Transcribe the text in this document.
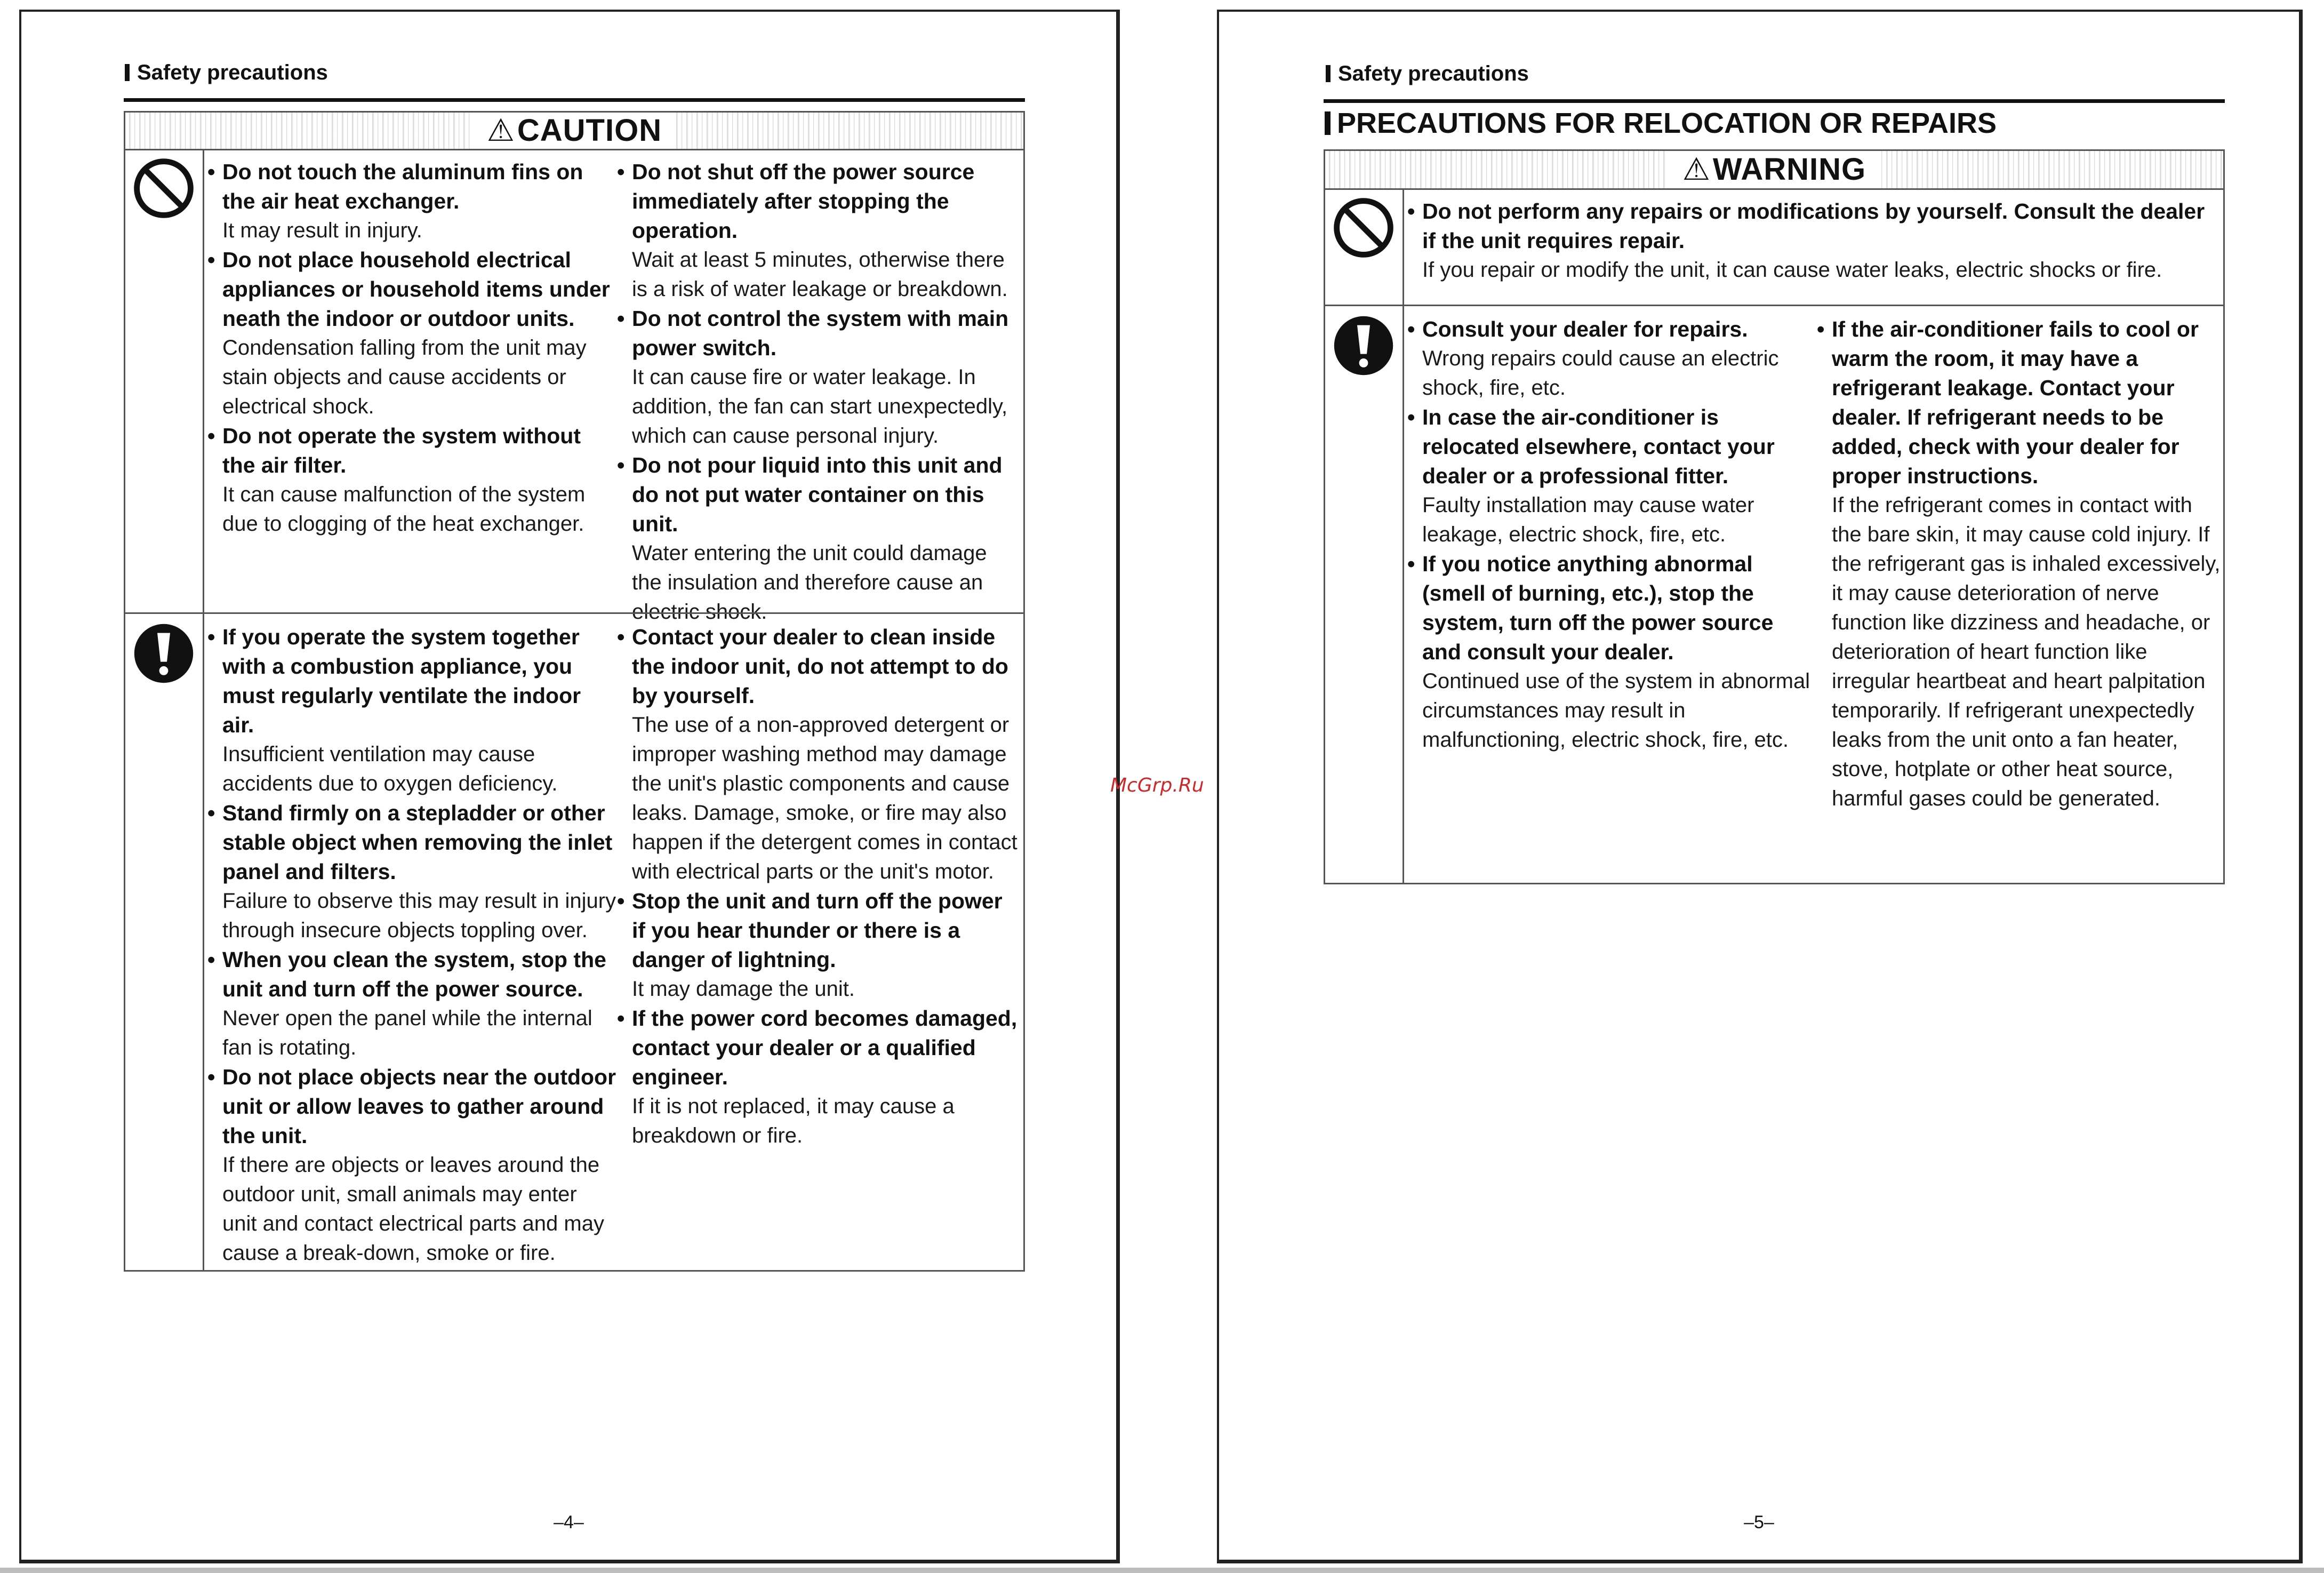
Safety precautions
⚠CAUTION
• Do not touch the aluminum fins on the air heat exchanger.
It may result in injury.
• Do not place household electrical appliances or household items under neath the indoor or outdoor units.
Condensation falling from the unit may stain objects and cause accidents or electrical shock.
• Do not operate the system without the air filter.
It can cause malfunction of the system due to clogging of the heat exchanger.
• Do not shut off the power source immediately after stopping the operation.
Wait at least 5 minutes, otherwise there is a risk of water leakage or breakdown.
• Do not control the system with main power switch.
It can cause fire or water leakage. In addition, the fan can start unexpectedly, which can cause personal injury.
• Do not pour liquid into this unit and do not put water container on this unit.
Water entering the unit could damage the insulation and therefore cause an electric shock.
• If you operate the system together with a combustion appliance, you must regularly ventilate the indoor air.
Insufficient ventilation may cause accidents due to oxygen deficiency.
• Stand firmly on a stepladder or other stable object when removing the inlet panel and filters.
Failure to observe this may result in injury through insecure objects toppling over.
• When you clean the system, stop the unit and turn off the power source.
Never open the panel while the internal fan is rotating.
• Do not place objects near the outdoor unit or allow leaves to gather around the unit.
If there are objects or leaves around the outdoor unit, small animals may enter unit and contact electrical parts and may cause a break-down, smoke or fire.
• Contact your dealer to clean inside the indoor unit, do not attempt to do by yourself.
The use of a non-approved detergent or improper washing method may damage the unit's plastic components and cause leaks. Damage, smoke, or fire may also happen if the detergent comes in contact with electrical parts or the unit's motor.
• Stop the unit and turn off the power if you hear thunder or there is a danger of lightning.
It may damage the unit.
• If the power cord becomes damaged, contact your dealer or a qualified engineer.
If it is not replaced, it may cause a breakdown or fire.
–4–
Safety precautions
PRECAUTIONS FOR RELOCATION OR REPAIRS
⚠WARNING
• Do not perform any repairs or modifications by yourself. Consult the dealer if the unit requires repair.
If you repair or modify the unit, it can cause water leaks, electric shocks or fire.
• Consult your dealer for repairs.
Wrong repairs could cause an electric shock, fire, etc.
• In case the air-conditioner is relocated elsewhere, contact your dealer or a professional fitter.
Faulty installation may cause water leakage, electric shock, fire, etc.
• If you notice anything abnormal (smell of burning, etc.), stop the system, turn off the power source and consult your dealer.
Continued use of the system in abnormal circumstances may result in malfunctioning, electric shock, fire, etc.
• If the air-conditioner fails to cool or warm the room, it may have a refrigerant leakage. Contact your dealer. If refrigerant needs to be added, check with your dealer for proper instructions.
If the refrigerant comes in contact with the bare skin, it may cause cold injury. If the refrigerant gas is inhaled excessively, it may cause deterioration of nerve function like dizziness and headache, or deterioration of heart function like irregular heartbeat and heart palpitation temporarily. If refrigerant unexpectedly leaks from the unit onto a fan heater, stove, hotplate or other heat source, harmful gases could be generated.
–5–
McGrp.Ru
